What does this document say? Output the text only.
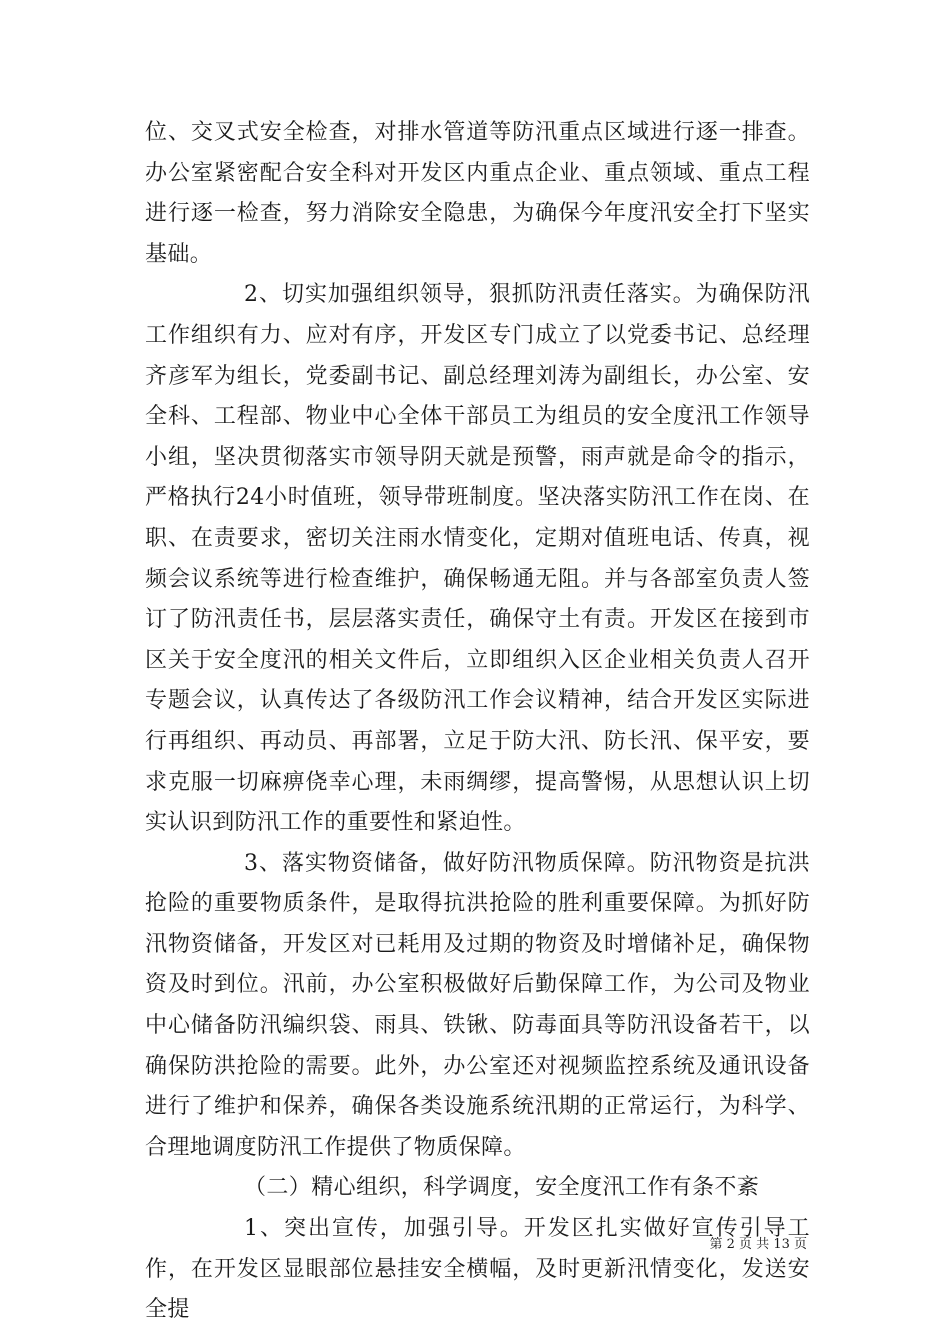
位、交叉式安全检查，对排水管道等防汛重点区域进行逐一排查。办公室紧密配合安全科对开发区内重点企业、重点领域、重点工程进行逐一检查，努力消除安全隐患，为确保今年度汛安全打下坚实基础。

2、切实加强组织领导，狠抓防汛责任落实。为确保防汛工作组织有力、应对有序，开发区专门成立了以党委书记、总经理齐彦军为组长，党委副书记、副总经理刘涛为副组长，办公室、安全科、工程部、物业中心全体干部员工为组员的安全度汛工作领导小组，坚决贯彻落实市领导阴天就是预警，雨声就是命令的指示，严格执行24小时值班，领导带班制度。坚决落实防汛工作在岗、在职、在责要求，密切关注雨水情变化，定期对值班电话、传真，视频会议系统等进行检查维护，确保畅通无阻。并与各部室负责人签订了防汛责任书，层层落实责任，确保守土有责。开发区在接到市区关于安全度汛的相关文件后，立即组织入区企业相关负责人召开专题会议，认真传达了各级防汛工作会议精神，结合开发区实际进行再组织、再动员、再部署，立足于防大汛、防长汛、保平安，要求克服一切麻痹侥幸心理，未雨绸缪，提高警惕，从思想认识上切实认识到防汛工作的重要性和紧迫性。

3、落实物资储备，做好防汛物质保障。防汛物资是抗洪抢险的重要物质条件，是取得抗洪抢险的胜利重要保障。为抓好防汛物资储备，开发区对已耗用及过期的物资及时增储补足，确保物资及时到位。汛前，办公室积极做好后勤保障工作，为公司及物业中心储备防汛编织袋、雨具、铁锹、防毒面具等防汛设备若干，以确保防洪抢险的需要。此外，办公室还对视频监控系统及通讯设备进行了维护和保养，确保各类设施系统汛期的正常运行，为科学、合理地调度防汛工作提供了物质保障。

（二）精心组织，科学调度，安全度汛工作有条不紊

1、突出宣传，加强引导。开发区扎实做好宣传引导工作，在开发区显眼部位悬挂安全横幅，及时更新汛情变化，发送安全提

第 2 页 共 13 页
